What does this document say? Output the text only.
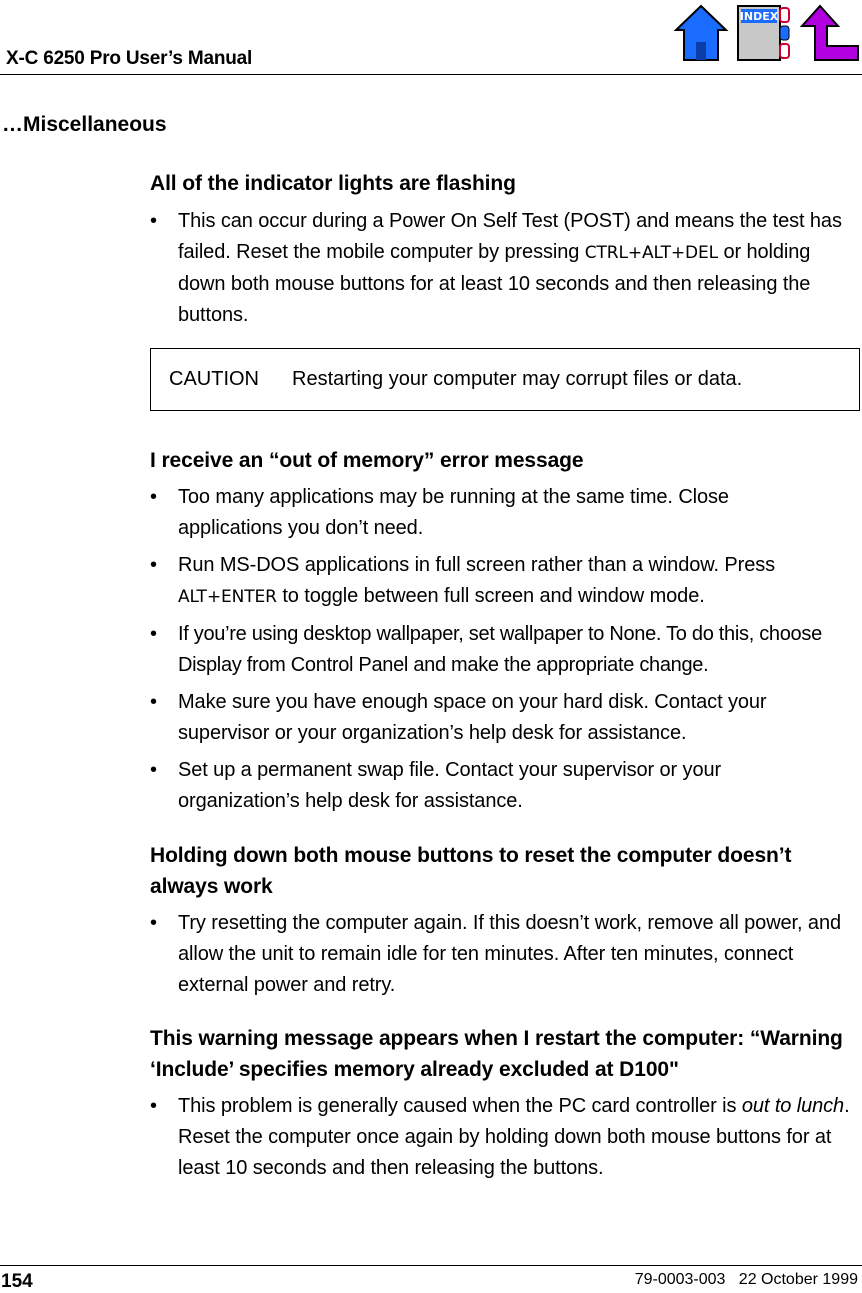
X-C 6250 Pro User’s Manual
INDEX
…Miscellaneous
All of the indicator lights are flashing
• This can occur during a Power On Self Test (POST) and means the test has failed. Reset the mobile computer by pressing CTRL+ALT+DEL or holding down both mouse buttons for at least 10 seconds and then releasing the buttons.
CAUTION	Restarting your computer may corrupt files or data.
I receive an “out of memory” error message
• Too many applications may be running at the same time. Close applications you don’t need.
• Run MS-DOS applications in full screen rather than a window. Press ALT+ENTER to toggle between full screen and window mode.
• If you’re using desktop wallpaper, set wallpaper to None. To do this, choose Display from Control Panel and make the appropriate change.
• Make sure you have enough space on your hard disk. Contact your supervisor or your organization’s help desk for assistance.
• Set up a permanent swap file. Contact your supervisor or your organization’s help desk for assistance.
Holding down both mouse buttons to reset the computer doesn’t always work
• Try resetting the computer again. If this doesn’t work, remove all power, and allow the unit to remain idle for ten minutes. After ten minutes, connect external power and retry.
This warning message appears when I restart the computer: “Warning ‘Include’ specifies memory already excluded at D100"
• This problem is generally caused when the PC card controller is out to lunch. Reset the computer once again by holding down both mouse buttons for at least 10 seconds and then releasing the buttons.
154	79-0003-003 22 October 1999
